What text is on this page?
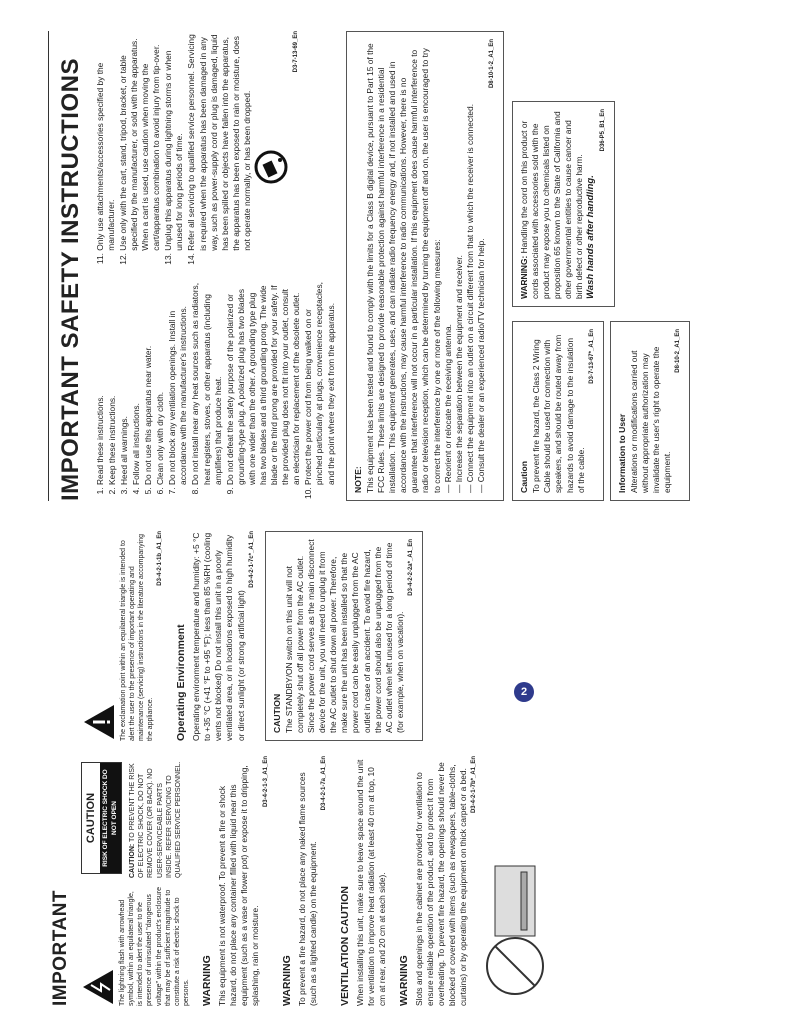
IMPORTANT	The lightning flash with arrowhead symbol, within an equilateral triangle, is intended to alert the user to the presence of uninsulated "dangerous voltage" within the product's enclosure that may be of sufficient magnitude to constitute a risk of electric shock to persons.

CAUTION RISK OF ELECTRIC SHOCK DO NOT OPEN

CAUTION: TO PREVENT THE RISK OF ELECTRIC SHOCK, DO NOT REMOVE COVER (OR BACK). NO USER-SERVICEABLE PARTS INSIDE. REFER SERVICING TO QUALIFIED SERVICE PERSONNEL.

WARNING This equipment is not waterproof. To prevent a fire or shock hazard, do not place any container filled with liquid near this equipment (such as a vase or flower pot) or expose it to dripping, splashing, rain or moisture.

D3-4-2-1-3_A1_En
WARNING To prevent a fire hazard, do not place any naked flame sources (such as a lighted candle) on the equipment.

D3-4-2-1-7a_A1_En
VENTILATION CAUTION When installing this unit, make sure to leave space around the unit for ventilation to improve heat radiation (at least 40 cm at top, 10 cm at rear, and 20 cm at each side). WARNING Slots and openings in the cabinet are provided for ventilation to ensure reliable operation of the product, and to protect it from overheating. To prevent fire hazard, the openings should never be blocked or covered with items (such as newspapers, table-cloths, curtains) or by operating the equipment on thick carpet or a bed. D3-4-2-1-7b*_A1_En

The exclamation point within an equilateral triangle is intended to alert the user to the presence of important operating and maintenance (servicing) instructions in the literature accompanying the appliance.

D3-4-2-1-1b_A1_En
Operating Environment Operating environment temperature and humidity: +5 °C to +35 °C (+41 °F to +95 °F); less than 85 %RH (cooling vents not blocked) Do not install this unit in a poorly ventilated area, or in locations exposed to high humidity or direct sunlight (or strong artificial light)

D3-4-2-1-7c*_A1_En
CAUTION The STANDBY/ON switch on this unit will not completely shut off all power from the AC outlet. Since the power cord serves as the main disconnect device for the unit, you will need to unplug it from the AC outlet to shut down all power. Therefore, make sure the unit has been installed so that the power cord can be easily unplugged from the AC outlet in case of an accident. To avoid fire hazard, the power cord should also be unplugged from the AC outlet when left unused for a long period of time (for example, when on vacation).

D3-4-2-2-2a*_A1_En
IMPORTANT SAFETY INSTRUCTIONS	1. Read these instructions. 2. Keep these instructions. 3. Heed all warnings. 4. Follow all instructions. 5. Do not use this apparatus near water. 6. Clean only with dry cloth. 7. Do not block any ventilation openings. Install in accordance with the manufacturer's instructions. 8. Do not install near any heat sources such as radiators, heat registers, stoves, or other apparatus (including amplifiers) that produce heat. 9. Do not defeat the safety purpose of the polarized or grounding-type plug. A polarized plug has two blades with one wider than the other. A grounding type plug has two blades and a third grounding prong. The wide blade or the third prong are provided for your safety. If the provided plug does not fit into your outlet, consult an electrician for replacement of the obsolete outlet. 10. Protect the power cord from being walked on or pinched particularly at plugs, convenience receptacles, and the point where they exit from the apparatus.
11. Only use attachments/accessories specified by the manufacturer. 12. Use only with the cart, stand, tripod, bracket, or table specified by the manufacturer, or sold with the apparatus. When a cart is used, use caution when moving the cart/apparatus combination to avoid injury from tip-over. 13. Unplug this apparatus during lightning storms or when unused for long periods of time. 14. Refer all servicing to qualified service personnel. Servicing is required when the apparatus has been damaged in any way, such as power-supply cord or plug is damaged, liquid has been spilled or objects have fallen into the apparatus, the apparatus has been exposed to rain or moisture, does not operate normally, or has been dropped.
D3-7-13-69_En
NOTE: This equipment has been tested and found to comply with the limits for a Class B digital device, pursuant to Part 15 of the FCC Rules. These limits are designed to provide reasonable protection against harmful interference in a residential installation. This equipment generates, uses, and can radiate radio frequency energy and, if not installed and used in accordance with the instructions, may cause harmful interference to radio communications. However, there is no guarantee that interference will not occur in a particular installation. If this equipment does cause harmful interference to radio or television reception, which can be determined by turning the equipment off and on, the user is encouraged to try to correct the interference by one or more of the following measures: — Reorient or relocate the receiving antenna. — Increase the separation between the equipment and receiver. — Connect the equipment into an outlet on a circuit different from that to which the receiver is connected. — Consult the dealer or an experienced radio/TV technician for help.

D8-10-1-2_A1_En
Caution To prevent fire hazard, the Class 2 Wiring Cable should be used for connection with speakers, and should be routed away from hazards to avoid damage to the insulation of the cable.

D3-7-13-67*_A1_En
Information to User Alterations or modifications carried out without appropriate authorization may invalidate the user's right to operate the equipment.

D8-10-2_A1_En

WARNING: Handling the cord on this product or cords associated with accessories sold with the product may expose you to chemicals listed on proposition 65 known to the State of California and other governmental entities to cause cancer and birth defect or other reproductive harm. Wash hands after handling.

D36-P5_B1_En
2
